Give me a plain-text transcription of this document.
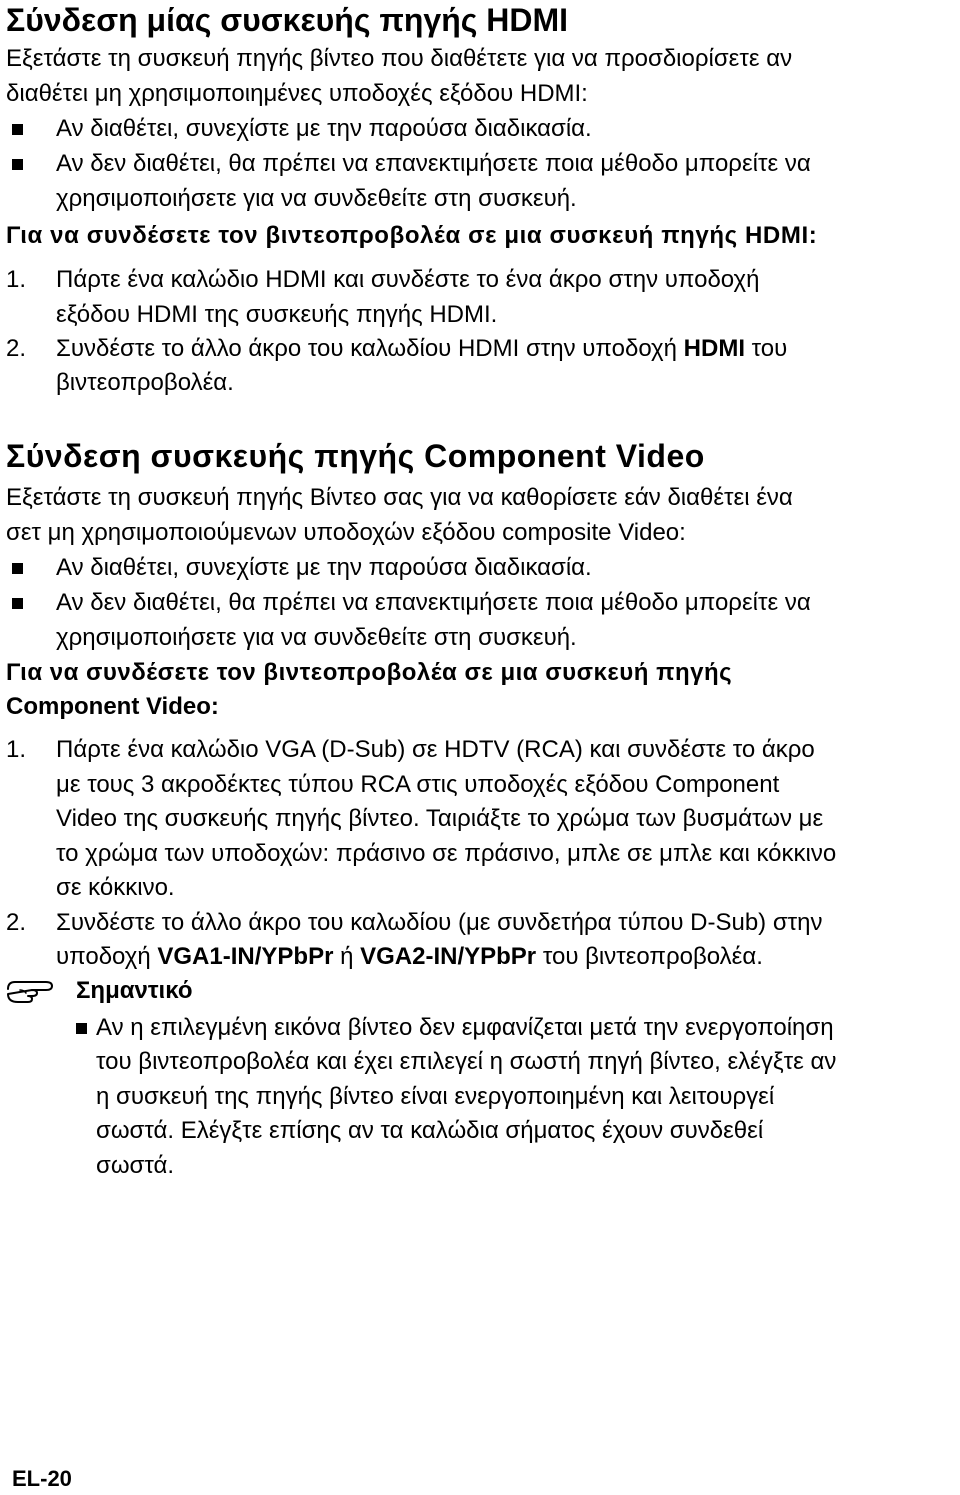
Σύνδεση μίας συσκευής πηγής HDMI
Εξετάστε τη συσκευή πηγής βίντεο που διαθέτετε για να προσδιορίσετε αν
διαθέτει μη χρησιμοποιημένες υποδοχές εξόδου HDMI:
Αν διαθέτει, συνεχίστε με την παρούσα διαδικασία.
Αν δεν διαθέτει, θα πρέπει να επανεκτιμήσετε ποια μέθοδο μπορείτε να
χρησιμοποιήσετε για να συνδεθείτε στη συσκευή.
Για να συνδέσετε τον βιντεοπροβολέα σε μια συσκευή πηγής HDMI:
1. Πάρτε ένα καλώδιο HDMI και συνδέστε το ένα άκρο στην υποδοχή
εξόδου HDMI της συσκευής πηγής HDMI.
2. Συνδέστε το άλλο άκρο του καλωδίου HDMI στην υποδοχή HDMI του
βιντεοπροβολέα.
Σύνδεση συσκευής πηγής Component Video
Εξετάστε τη συσκευή πηγής Βίντεο σας για να καθορίσετε εάν διαθέτει ένα
σετ μη χρησιμοποιούμενων υποδοχών εξόδου composite Video:
Αν διαθέτει, συνεχίστε με την παρούσα διαδικασία.
Αν δεν διαθέτει, θα πρέπει να επανεκτιμήσετε ποια μέθοδο μπορείτε να
χρησιμοποιήσετε για να συνδεθείτε στη συσκευή.
Για να συνδέσετε τον βιντεοπροβολέα σε μια συσκευή πηγής
Component Video:
1. Πάρτε ένα καλώδιο VGA (D-Sub) σε HDTV (RCA) και συνδέστε το άκρο
με τους 3 ακροδέκτες τύπου RCA στις υποδοχές εξόδου Component
Video της συσκευής πηγής βίντεο. Ταιριάξτε το χρώμα των βυσμάτων με
το χρώμα των υποδοχών: πράσινο σε πράσινο, μπλε σε μπλε και κόκκινο
σε κόκκινο.
2. Συνδέστε το άλλο άκρο του καλωδίου (με συνδετήρα τύπου D-Sub) στην
υποδοχή VGA1-IN/YPbPr ή VGA2-IN/YPbPr του βιντεοπροβολέα.
Σημαντικό
Αν η επιλεγμένη εικόνα βίντεο δεν εμφανίζεται μετά την ενεργοποίηση
του βιντεοπροβολέα και έχει επιλεγεί η σωστή πηγή βίντεο, ελέγξτε αν
η συσκευή της πηγής βίντεο είναι ενεργοποιημένη και λειτουργεί
σωστά. Ελέγξτε επίσης αν τα καλώδια σήματος έχουν συνδεθεί
σωστά.
EL-20
